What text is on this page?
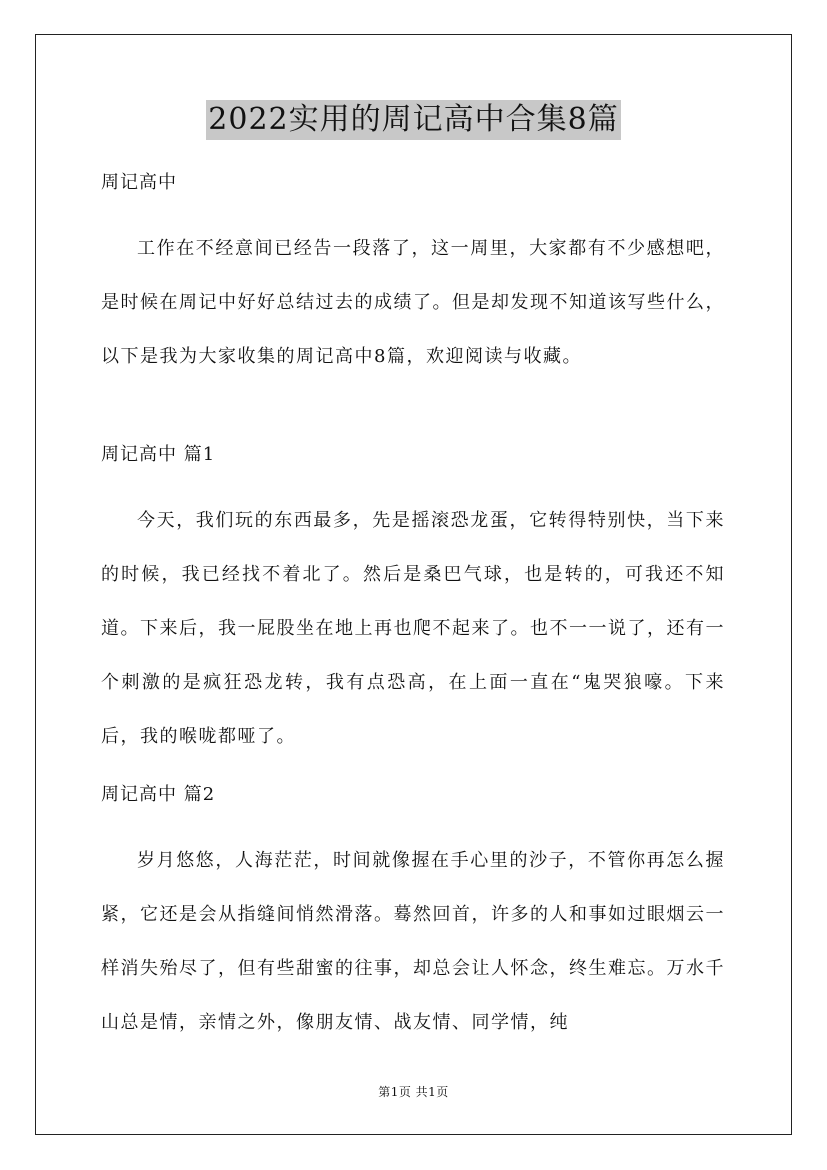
2022实用的周记高中合集8篇

周记高中

工作在不经意间已经告一段落了，这一周里，大家都有不少感想吧，是时候在周记中好好总结过去的成绩了。但是却发现不知道该写些什么，以下是我为大家收集的周记高中8篇，欢迎阅读与收藏。

周记高中 篇1

今天，我们玩的东西最多，先是摇滚恐龙蛋，它转得特别快，当下来的时候，我已经找不着北了。然后是桑巴气球，也是转的，可我还不知道。下来后，我一屁股坐在地上再也爬不起来了。也不一一说了，还有一个刺激的是疯狂恐龙转，我有点恐高，在上面一直在“鬼哭狼嚎。下来后，我的喉咙都哑了。

周记高中 篇2

岁月悠悠，人海茫茫，时间就像握在手心里的沙子，不管你再怎么握紧，它还是会从指缝间悄然滑落。蓦然回首，许多的人和事如过眼烟云一样消失殆尽了，但有些甜蜜的往事，却总会让人怀念，终生难忘。万水千山总是情，亲情之外，像朋友情、战友情、同学情，纯

第1页 共1页
